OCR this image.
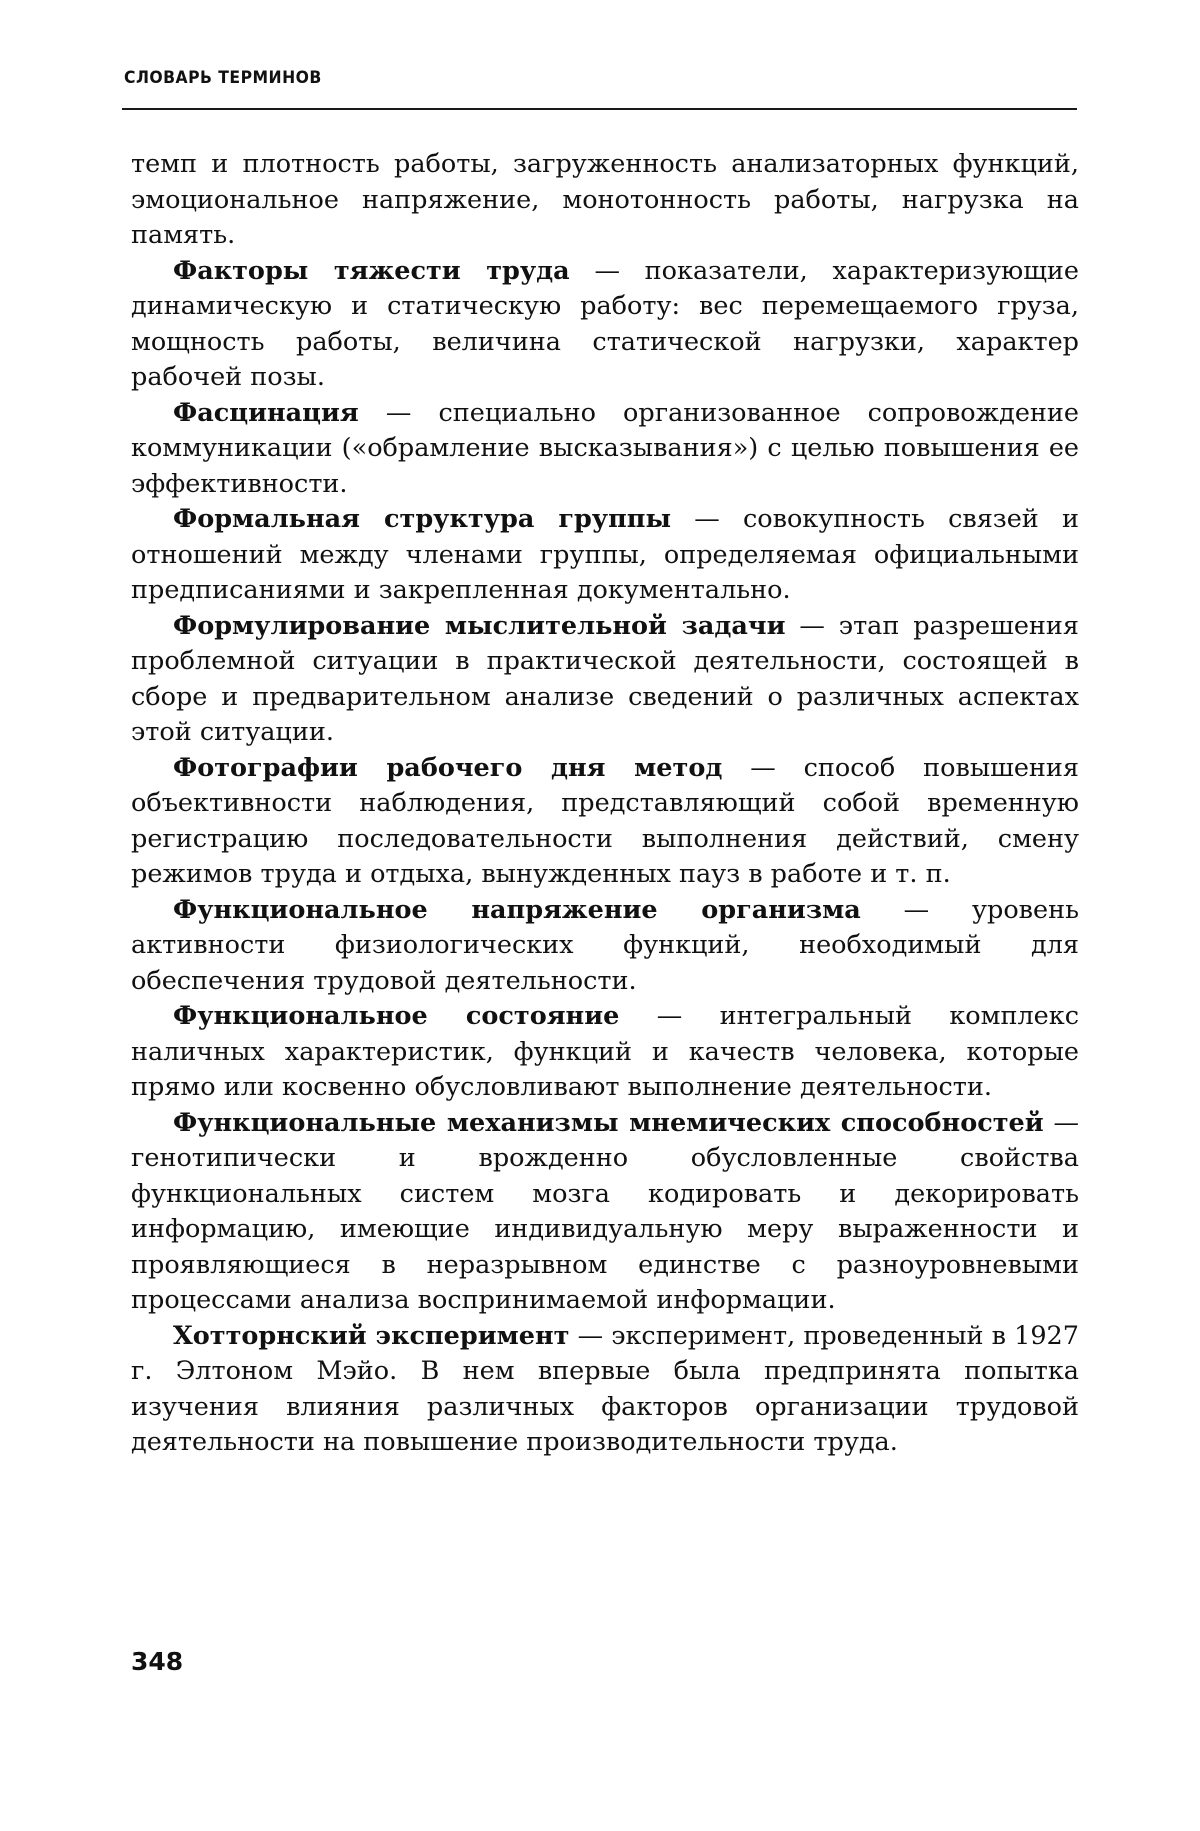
СЛОВАРЬ ТЕРМИНОВ

темп и плотность работы, загруженность анализаторных функций, эмоциональное напряжение, монотонность работы, нагрузка на память.

Факторы тяжести труда — показатели, характеризующие динамическую и статическую работу: вес перемещаемого груза, мощность работы, величина статической нагрузки, характер рабочей позы.

Фасцинация — специально организованное сопровождение коммуникации («обрамление высказывания») с целью повышения ее эффективности.

Формальная структура группы — совокупность связей и отношений между членами группы, определяемая официальными предписаниями и закрепленная документально.

Формулирование мыслительной задачи — этап разрешения проблемной ситуации в практической деятельности, состоящей в сборе и предварительном анализе сведений о различных аспектах этой ситуации.

Фотографии рабочего дня метод — способ повышения объективности наблюдения, представляющий собой временную регистрацию последовательности выполнения действий, смену режимов труда и отдыха, вынужденных пауз в работе и т. п.

Функциональное напряжение организма — уровень активности физиологических функций, необходимый для обеспечения трудовой деятельности.

Функциональное состояние — интегральный комплекс наличных характеристик, функций и качеств человека, которые прямо или косвенно обусловливают выполнение деятельности.

Функциональные механизмы мнемических способностей — генотипически и врожденно обусловленные свойства функциональных систем мозга кодировать и декорировать информацию, имеющие индивидуальную меру выраженности и проявляющиеся в неразрывном единстве с разноуровневыми процессами анализа воспринимаемой информации.

Хотторнский эксперимент — эксперимент, проведенный в 1927 г. Элтоном Мэйо. В нем впервые была предпринята попытка изучения влияния различных факторов организации трудовой деятельности на повышение производительности труда.

348
